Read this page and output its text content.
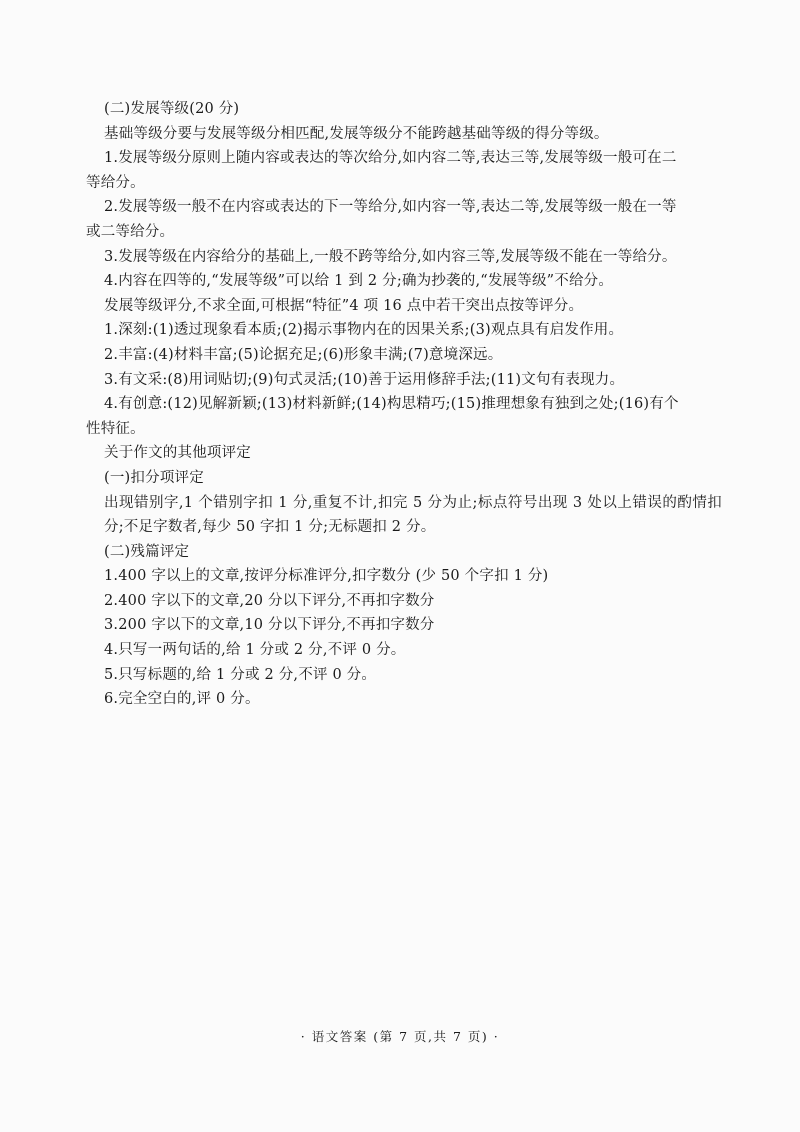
(二)发展等级(20 分)
基础等级分要与发展等级分相匹配,发展等级分不能跨越基础等级的得分等级。
1.发展等级分原则上随内容或表达的等次给分,如内容二等,表达三等,发展等级一般可在二
等给分。
2.发展等级一般不在内容或表达的下一等给分,如内容一等,表达二等,发展等级一般在一等
或二等给分。
3.发展等级在内容给分的基础上,一般不跨等给分,如内容三等,发展等级不能在一等给分。
4.内容在四等的,“发展等级”可以给 1 到 2 分;确为抄袭的,“发展等级”不给分。
发展等级评分,不求全面,可根据“特征”4 项 16 点中若干突出点按等评分。
1.深刻:(1)透过现象看本质;(2)揭示事物内在的因果关系;(3)观点具有启发作用。
2.丰富:(4)材料丰富;(5)论据充足;(6)形象丰满;(7)意境深远。
3.有文采:(8)用词贴切;(9)句式灵活;(10)善于运用修辞手法;(11)文句有表现力。
4.有创意:(12)见解新颖;(13)材料新鲜;(14)构思精巧;(15)推理想象有独到之处;(16)有个
性特征。
关于作文的其他项评定
(一)扣分项评定
出现错别字,1 个错别字扣 1 分,重复不计,扣完 5 分为止;标点符号出现 3 处以上错误的酌情扣分;不足字数者,每少 50 字扣 1 分;无标题扣 2 分。
(二)残篇评定
1.400 字以上的文章,按评分标准评分,扣字数分 (少 50 个字扣 1 分)
2.400 字以下的文章,20 分以下评分,不再扣字数分
3.200 字以下的文章,10 分以下评分,不再扣字数分
4.只写一两句话的,给 1 分或 2 分,不评 0 分。
5.只写标题的,给 1 分或 2 分,不评 0 分。
6.完全空白的,评 0 分。
· 语文答案 (第 7 页,共 7 页) ·
